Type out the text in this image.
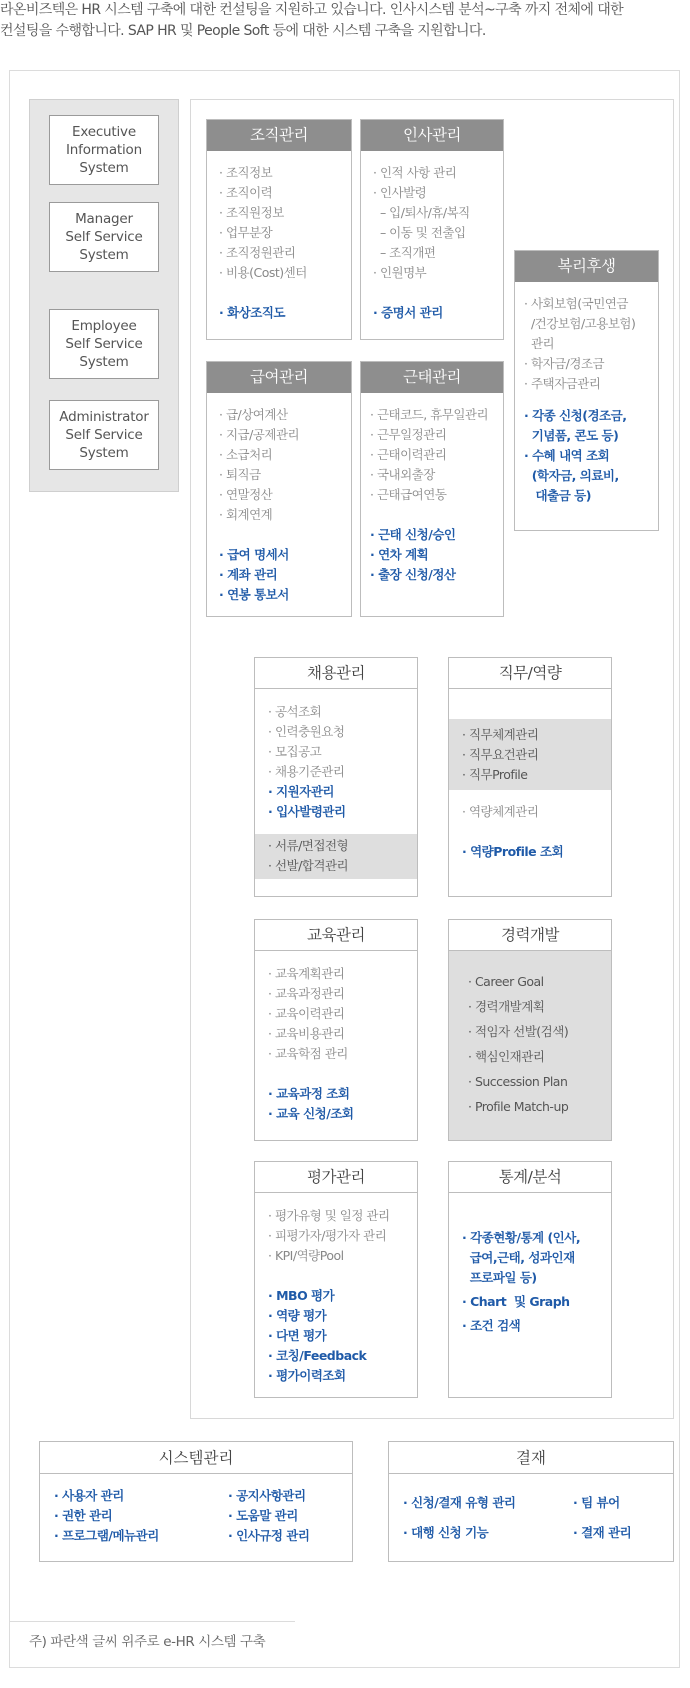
라온비즈텍은 HR 시스템 구축에 대한 컨설팅을 지원하고 있습니다. 인사시스템 분석~구축 까지 전체에 대한
컨설팅을 수행합니다. SAP HR 및 People Soft 등에 대한 시스템 구축을 지원합니다.
Executive
Information
System
Manager
Self Service
System
Employee
Self Service
System
Administrator
Self Service
System
조직관리
· 조직정보
· 조직이력
· 조직원정보
· 업무분장
· 조직정원관리
· 비용(Cost)센터
· 화상조직도
인사관리
· 인적 사항 관리
· 인사발령
– 입/퇴사/휴/복직
– 이동 및 전출입
– 조직개편
· 인원명부
· 증명서 관리
복리후생
· 사회보험(국민연금
/건강보험/고용보험)
관리
· 학자금/경조금
· 주택자금관리
· 각종 신청(경조금,
기념품, 콘도 등)
· 수혜 내역 조회
(학자금, 의료비,
대출금 등)
급여관리
· 급/상여계산
· 지급/공제관리
· 소급처리
· 퇴직금
· 연말정산
· 회계연계
· 급여 명세서
· 계좌 관리
· 연봉 통보서
근태관리
· 근태코드, 휴무일관리
· 근무일정관리
· 근태이력관리
· 국내외출장
· 근태급여연동
· 근태 신청/승인
· 연차 계획
· 출장 신청/정산
채용관리
· 공석조회
· 인력충원요청
· 모집공고
· 채용기준관리
· 지원자관리
· 입사발령관리
· 서류/면접전형
· 선발/합격관리
직무/역량
· 직무체계관리
· 직무요건관리
· 직무Profile
· 역량체계관리
· 역량Profile 조회
교육관리
· 교육계획관리
· 교육과정관리
· 교육이력관리
· 교육비용관리
· 교육학점 관리
· 교육과정 조회
· 교육 신청/조회
경력개발
· Career Goal
· 경력개발계획
· 적임자 선발(검색)
· 핵심인재관리
· Succession Plan
· Profile Match-up
평가관리
· 평가유형 및 일정 관리
· 피평가자/평가자 관리
· KPI/역량Pool
· MBO 평가
· 역량 평가
· 다면 평가
· 코칭/Feedback
· 평가이력조회
통계/분석
· 각종현황/통계 (인사,
급여,근태, 성과인재
프로파일 등)
· Chart  및 Graph
· 조건 검색
시스템관리
· 사용자 관리
· 권한 관리
· 프로그램/메뉴관리
· 공지사항관리
· 도움말 관리
· 인사규정 관리
결재
· 신청/결재 유형 관리
· 대행 신청 기능
· 팀 뷰어
· 결재 관리
주) 파란색 글씨 위주로 e-HR 시스템 구축
